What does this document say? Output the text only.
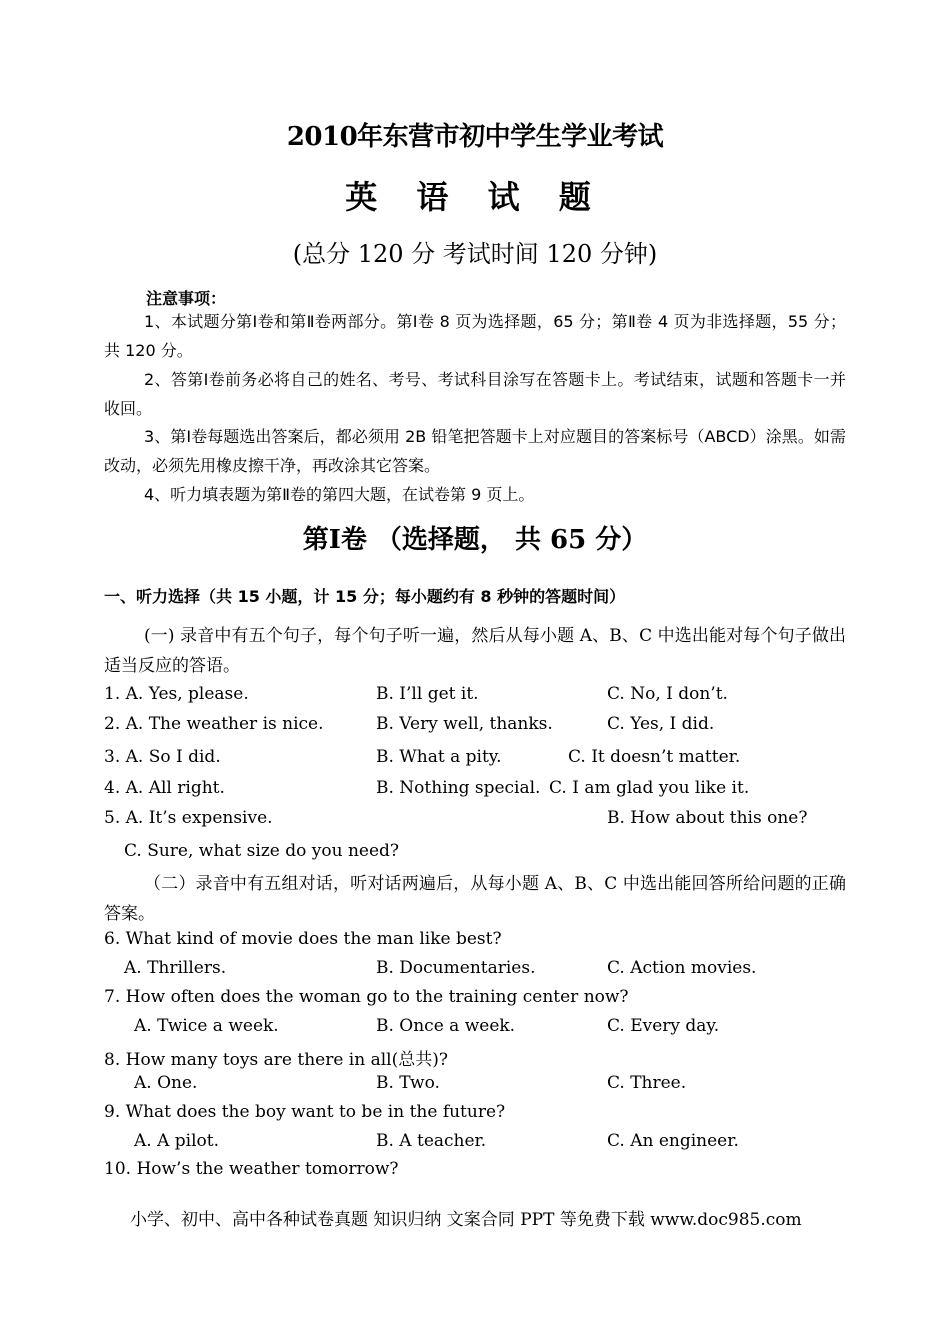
2010年东营市初中学生学业考试
英 语 试 题
(总分 120 分 考试时间 120 分钟)
注意事项：
1、本试题分第Ⅰ卷和第Ⅱ卷两部分。第Ⅰ卷 8 页为选择题，65 分；第Ⅱ卷 4 页为非选择题，55 分；共 120 分。
2、答第Ⅰ卷前务必将自己的姓名、考号、考试科目涂写在答题卡上。考试结束，试题和答题卡一并收回。
3、第Ⅰ卷每题选出答案后，都必须用 2B 铅笔把答题卡上对应题目的答案标号（ABCD）涂黑。如需改动，必须先用橡皮擦干净，再改涂其它答案。
4、听力填表题为第Ⅱ卷的第四大题，在试卷第 9 页上。
第Ⅰ卷 （选择题， 共 65 分）
一、听力选择（共 15 小题，计 15 分；每小题约有 8 秒钟的答题时间）
(一) 录音中有五个句子，每个句子听一遍，然后从每小题 A、B、C 中选出能对每个句子做出适当反应的答语。
1. A. Yes, please.	B. I’ll get it.	C. No, I don’t.
2. A. The weather is nice.	B. Very well, thanks.	C. Yes, I did.
3. A. So I did.	B. What a pity.	C. It doesn’t matter.
4. A. All right.	B. Nothing special. C. I am glad you like it.
5. A. It’s expensive.	B. How about this one?
C. Sure, what size do you need?
（二）录音中有五组对话，听对话两遍后，从每小题 A、B、C 中选出能回答所给问题的正确答案。
6. What kind of movie does the man like best?
A. Thrillers.	B. Documentaries.	C. Action movies.
7. How often does the woman go to the training center now?
A. Twice a week.	B. Once a week.	C. Every day.
8. How many toys are there in all(总共)?
A. One.	B. Two.	C. Three.
9. What does the boy want to be in the future?
A. A pilot.	B. A teacher.	C. An engineer.
10. How’s the weather tomorrow?
小学、初中、高中各种试卷真题 知识归纳 文案合同 PPT 等免费下载 www.doc985.com
